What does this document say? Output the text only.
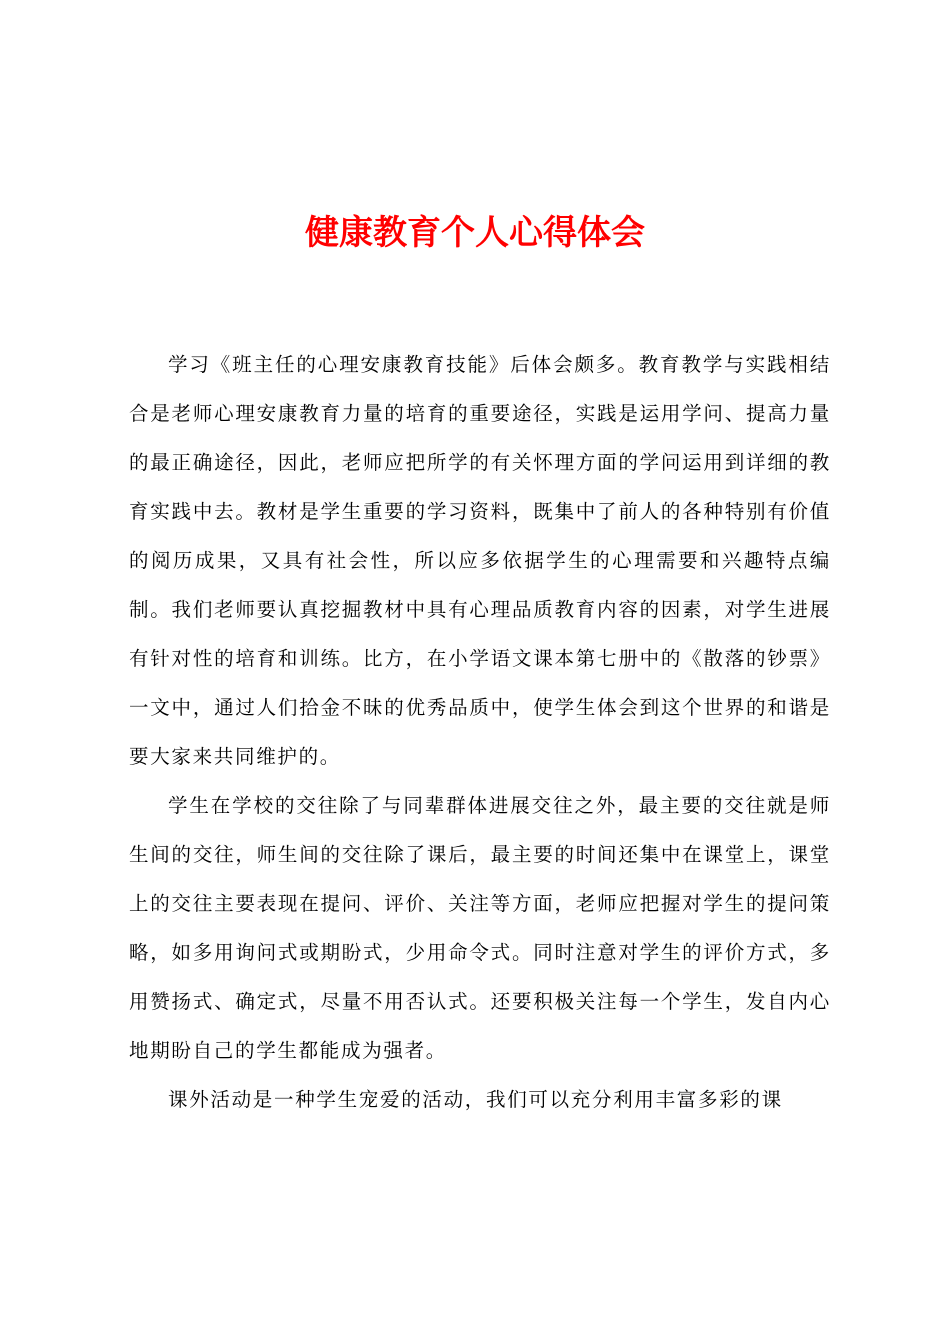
健康教育个人心得体会

学习《班主任的心理安康教育技能》后体会颇多。教育教学与实践相结合是老师心理安康教育力量的培育的重要途径，实践是运用学问、提高力量的最正确途径，因此，老师应把所学的有关怀理方面的学问运用到详细的教育实践中去。教材是学生重要的学习资料，既集中了前人的各种特别有价值的阅历成果，又具有社会性，所以应多依据学生的心理需要和兴趣特点编制。我们老师要认真挖掘教材中具有心理品质教育内容的因素，对学生进展有针对性的培育和训练。比方，在小学语文课本第七册中的《散落的钞票》一文中，通过人们拾金不昧的优秀品质中，使学生体会到这个世界的和谐是要大家来共同维护的。

学生在学校的交往除了与同辈群体进展交往之外，最主要的交往就是师生间的交往，师生间的交往除了课后，最主要的时间还集中在课堂上，课堂上的交往主要表现在提问、评价、关注等方面，老师应把握对学生的提问策略，如多用询问式或期盼式，少用命令式。同时注意对学生的评价方式，多用赞扬式、确定式，尽量不用否认式。还要积极关注每一个学生，发自内心地期盼自己的学生都能成为强者。

课外活动是一种学生宠爱的活动，我们可以充分利用丰富多彩的课
